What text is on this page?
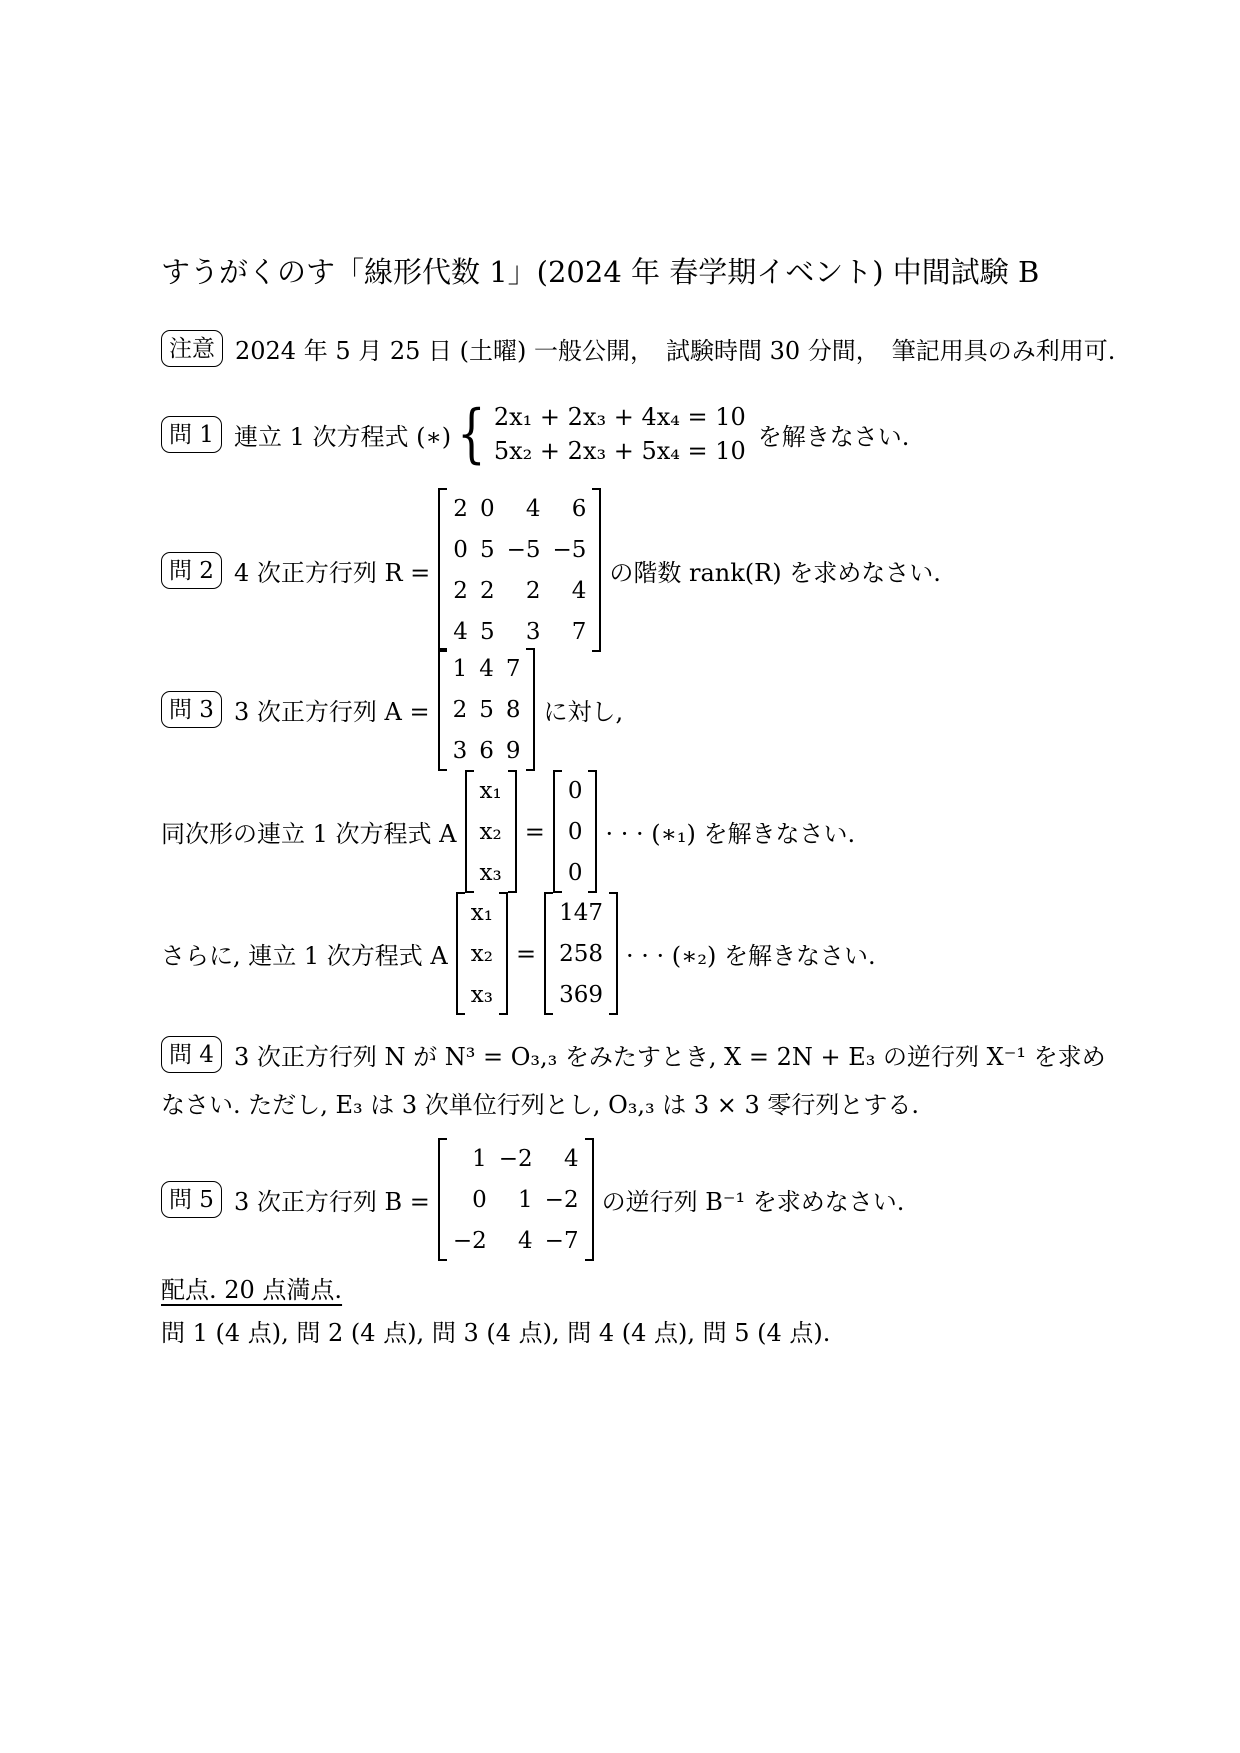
すうがくのす「線形代数 1」(2024 年 春学期イベント) 中間試験 B
注意 2024 年 5 月 25 日 (土曜) 一般公開，　試験時間 30 分間，　筆記用具のみ利用可.
問 1 連立 1 次方程式 (∗) { 2x₁ + 2x₃ + 4x₄ = 10
5x₂ + 2x₃ + 5x₄ = 10
を解きなさい.
問 2 4 次正方行列 R =
2	0	4	6
0	5	−5	−5
2	2	2	4
4	5	3	7
の階数 rank(R) を求めなさい.
問 3 3 次正方行列 A =
1	4	7
2	5	8
3	6	9
に対し,
同次形の連立 1 次方程式 A
x₁
x₂
x₃
=
0
0
0
· · · (∗₁) を解きなさい.
さらに, 連立 1 次方程式 A
x₁
x₂
x₃
=
147
258
369
· · · (∗₂) を解きなさい.
問 4 3 次正方行列 N が N³ = O₃,₃ をみたすとき, X = 2N + E₃ の逆行列 X⁻¹ を求め
なさい. ただし, E₃ は 3 次単位行列とし, O₃,₃ は 3 × 3 零行列とする.
問 5 3 次正方行列 B =
1	−2	4
0	1	−2
−2	4	−7
の逆行列 B⁻¹ を求めなさい.
配点. 20 点満点.
問 1 (4 点), 問 2 (4 点), 問 3 (4 点), 問 4 (4 点), 問 5 (4 点).
